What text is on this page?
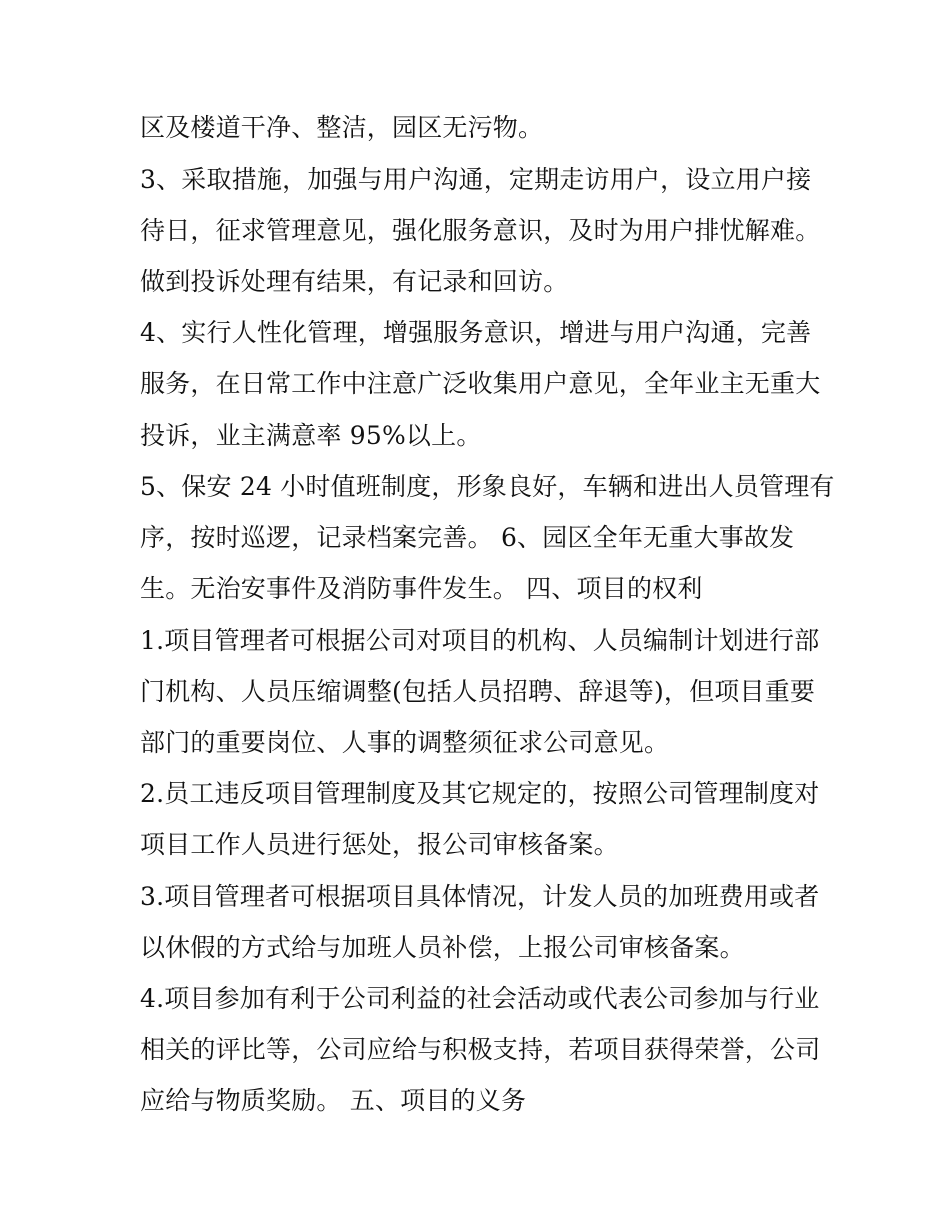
区及楼道干净、整洁，园区无污物。
3、采取措施，加强与用户沟通，定期走访用户，设立用户接
待日，征求管理意见，强化服务意识，及时为用户排忧解难。
做到投诉处理有结果，有记录和回访。
4、实行人性化管理，增强服务意识，增进与用户沟通，完善
服务，在日常工作中注意广泛收集用户意见，全年业主无重大
投诉，业主满意率 95%以上。
5、保安 24 小时值班制度，形象良好，车辆和进出人员管理有
序，按时巡逻，记录档案完善。 6、园区全年无重大事故发
生。无治安事件及消防事件发生。 四、项目的权利
1.项目管理者可根据公司对项目的机构、人员编制计划进行部
门机构、人员压缩调整(包括人员招聘、辞退等)，但项目重要
部门的重要岗位、人事的调整须征求公司意见。
2.员工违反项目管理制度及其它规定的，按照公司管理制度对
项目工作人员进行惩处，报公司审核备案。
3.项目管理者可根据项目具体情况，计发人员的加班费用或者
以休假的方式给与加班人员补偿，上报公司审核备案。
4.项目参加有利于公司利益的社会活动或代表公司参加与行业
相关的评比等，公司应给与积极支持，若项目获得荣誉，公司
应给与物质奖励。 五、项目的义务
